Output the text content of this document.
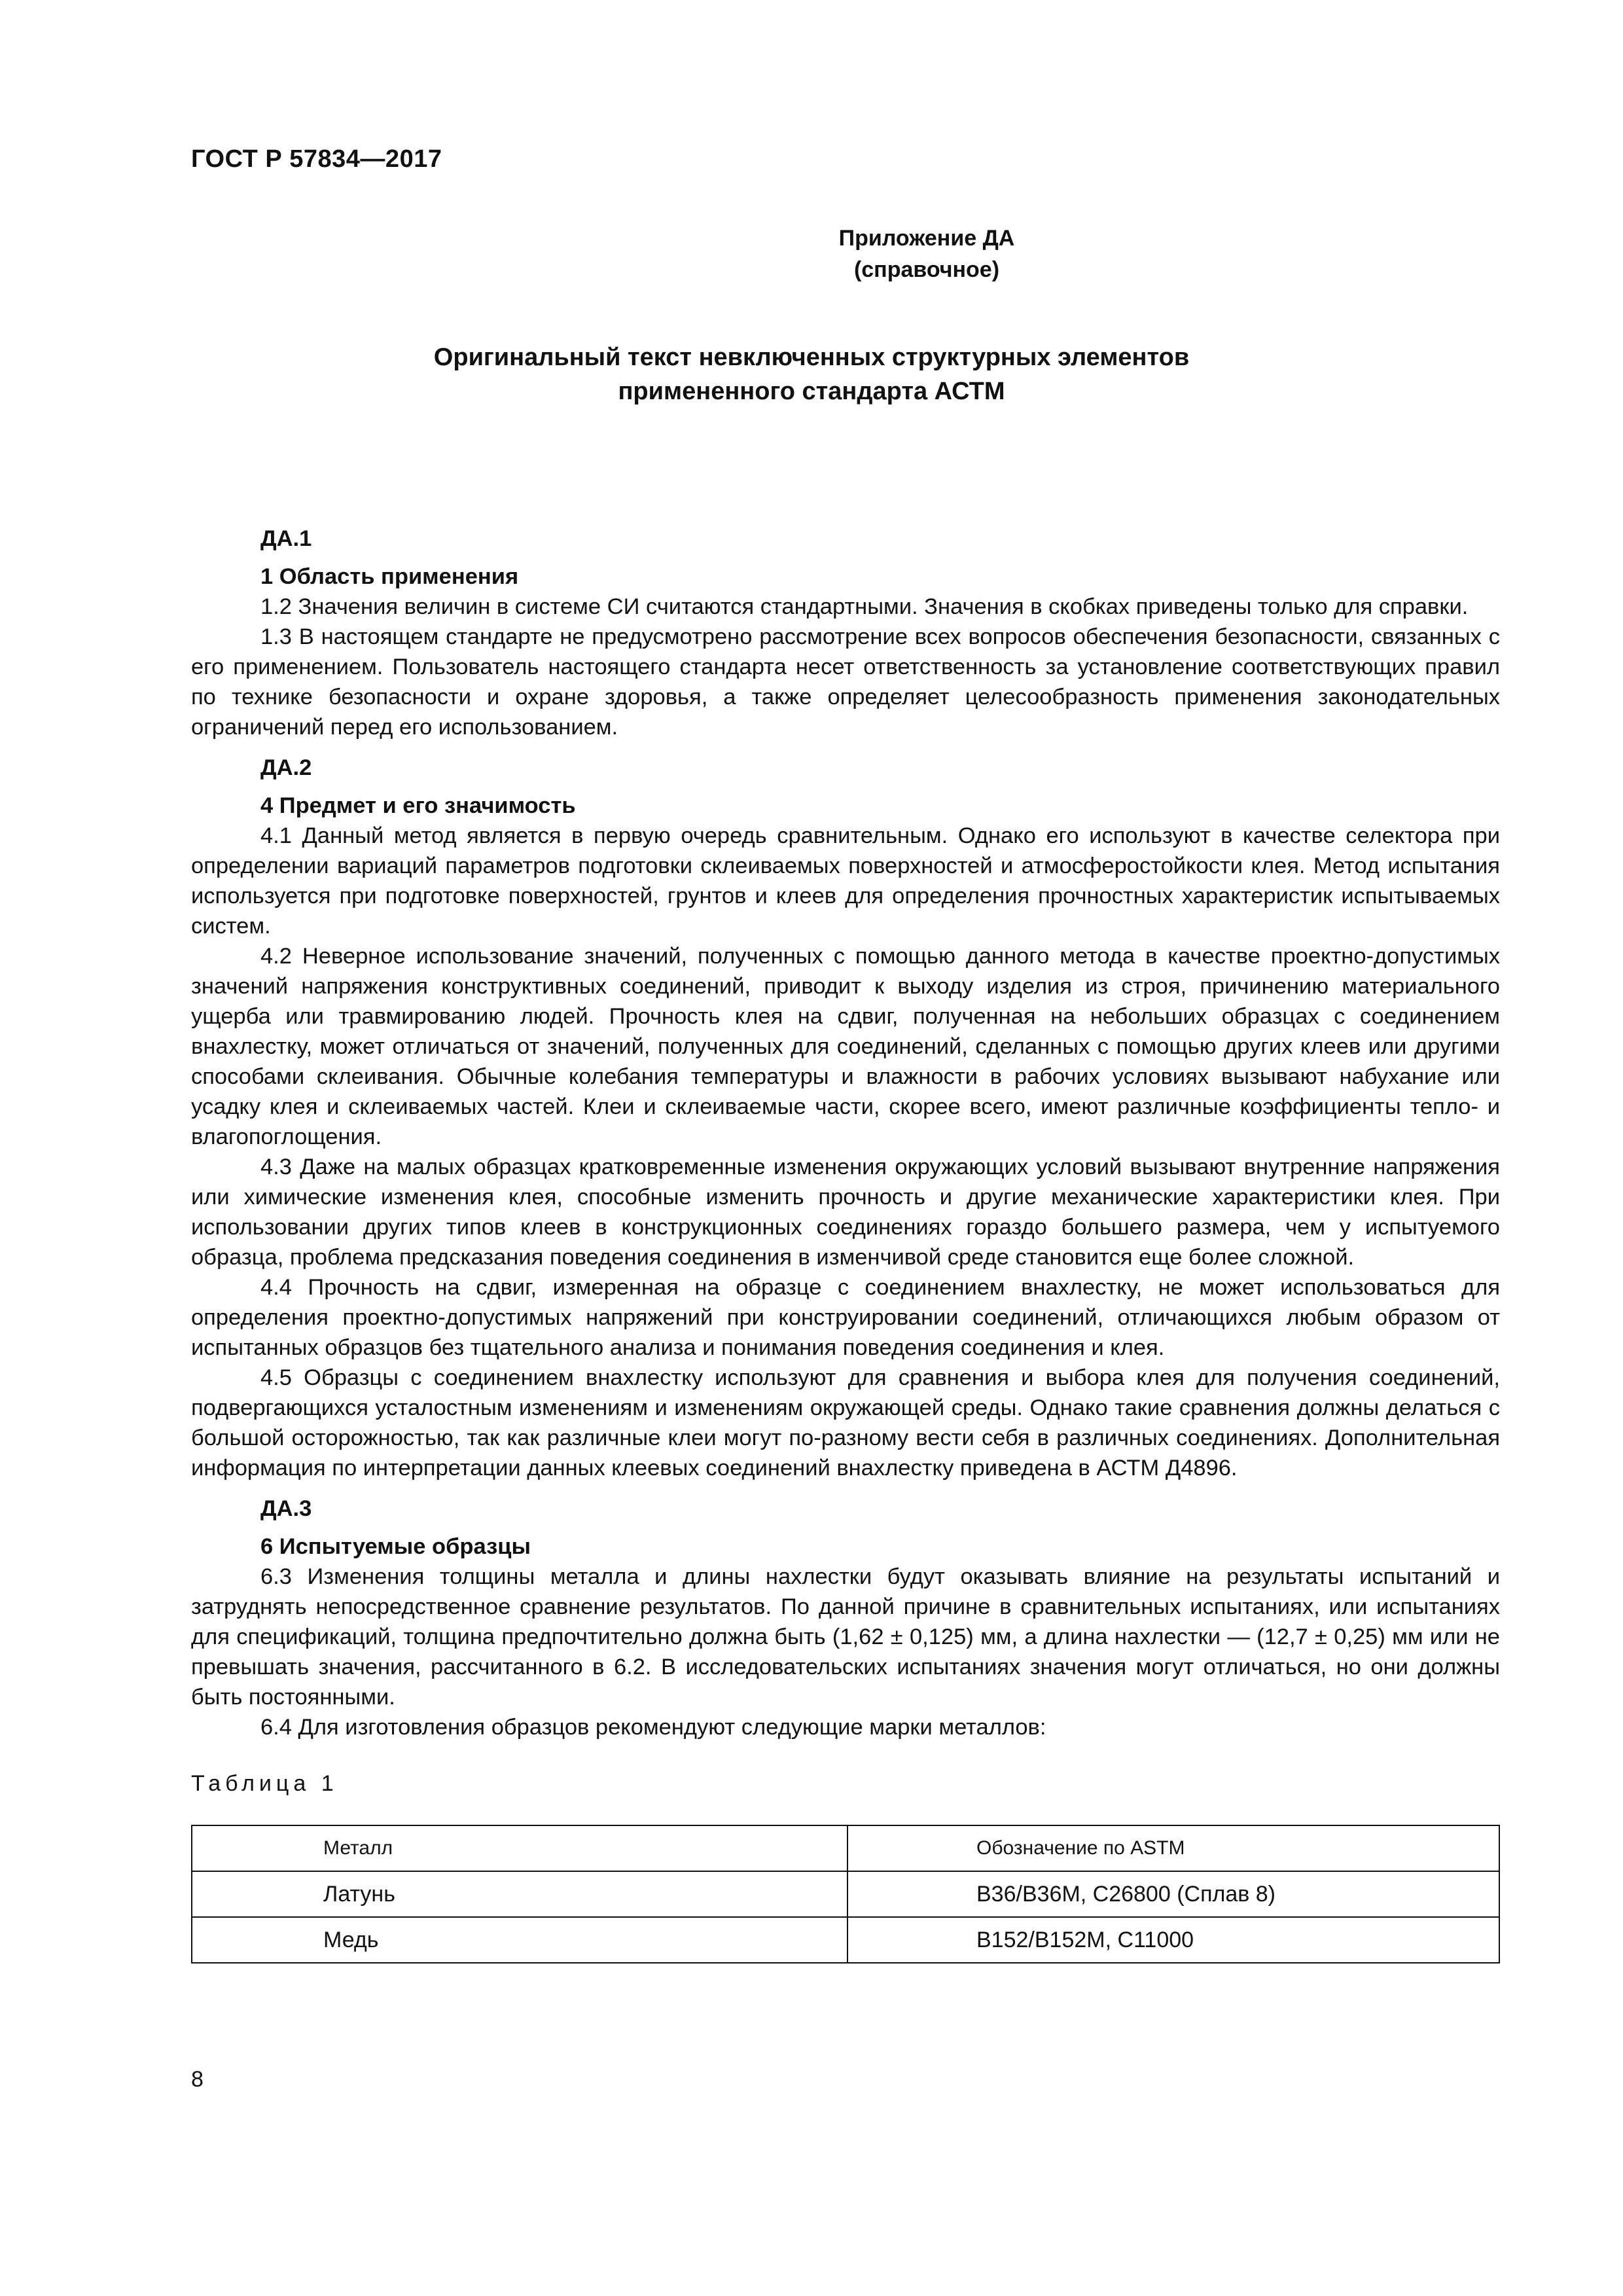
ГОСТ Р 57834—2017
Приложение ДА
(справочное)
Оригинальный текст невключенных структурных элементов
примененного стандарта АСТМ
ДА.1
1 Область применения

1.2 Значения величин в системе СИ считаются стандартными. Значения в скобках приведены только для справки.

1.3 В настоящем стандарте не предусмотрено рассмотрение всех вопросов обеспечения безопасности, связанных с его применением. Пользователь настоящего стандарта несет ответственность за установление соответствующих правил по технике безопасности и охране здоровья, а также определяет целесообразность применения законодательных ограничений перед его использованием.

ДА.2
4 Предмет и его значимость

4.1 Данный метод является в первую очередь сравнительным. Однако его используют в качестве селектора при определении вариаций параметров подготовки склеиваемых поверхностей и атмосферостойкости клея. Метод испытания используется при подготовке поверхностей, грунтов и клеев для определения прочностных характеристик испытываемых систем.

4.2 Неверное использование значений, полученных с помощью данного метода в качестве проектно-допустимых значений напряжения конструктивных соединений, приводит к выходу изделия из строя, причинению материального ущерба или травмированию людей. Прочность клея на сдвиг, полученная на небольших образцах с соединением внахлестку, может отличаться от значений, полученных для соединений, сделанных с помощью других клеев или другими способами склеивания. Обычные колебания температуры и влажности в рабочих условиях вызывают набухание или усадку клея и склеиваемых частей. Клеи и склеиваемые части, скорее всего, имеют различные коэффициенты тепло- и влагопоглощения.

4.3 Даже на малых образцах кратковременные изменения окружающих условий вызывают внутренние напряжения или химические изменения клея, способные изменить прочность и другие механические характеристики клея. При использовании других типов клеев в конструкционных соединениях гораздо большего размера, чем у испытуемого образца, проблема предсказания поведения соединения в изменчивой среде становится еще более сложной.

4.4 Прочность на сдвиг, измеренная на образце с соединением внахлестку, не может использоваться для определения проектно-допустимых напряжений при конструировании соединений, отличающихся любым образом от испытанных образцов без тщательного анализа и понимания поведения соединения и клея.

4.5 Образцы с соединением внахлестку используют для сравнения и выбора клея для получения соединений, подвергающихся усталостным изменениям и изменениям окружающей среды. Однако такие сравнения должны делаться с большой осторожностью, так как различные клеи могут по-разному вести себя в различных соединениях. Дополнительная информация по интерпретации данных клеевых соединений внахлестку приведена в АСТМ Д4896.

ДА.3
6 Испытуемые образцы

6.3 Изменения толщины металла и длины нахлестки будут оказывать влияние на результаты испытаний и затруднять непосредственное сравнение результатов. По данной причине в сравнительных испытаниях, или испытаниях для спецификаций, толщина предпочтительно должна быть (1,62 ± 0,125) мм, а длина нахлестки — (12,7 ± 0,25) мм или не превышать значения, рассчитанного в 6.2. В исследовательских испытаниях значения могут отличаться, но они должны быть постоянными.

6.4 Для изготовления образцов рекомендуют следующие марки металлов:

Таблица 1
Металл	Обозначение по ASTM
Латунь	B36/B36M, C26800 (Сплав 8)
Медь	B152/B152M, C11000
8
